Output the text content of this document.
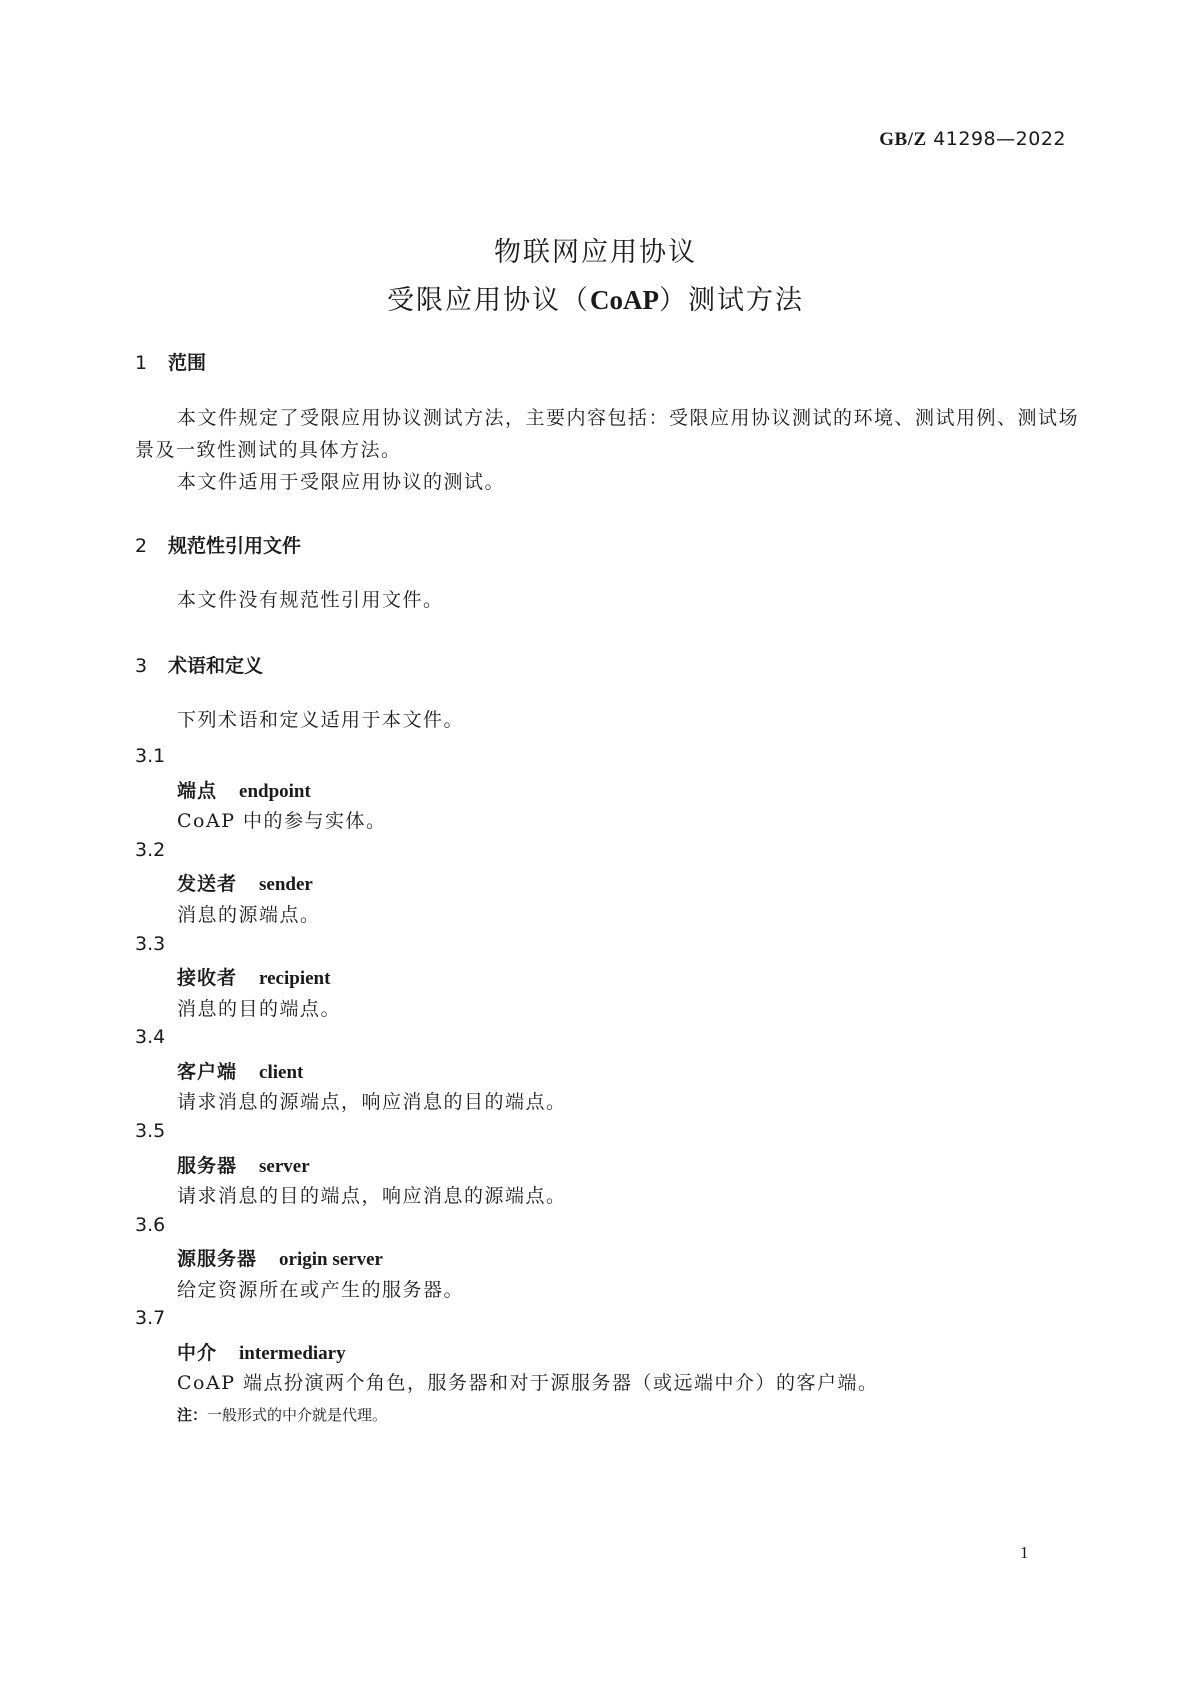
GB/Z 41298—2022
物联网应用协议
受限应用协议（CoAP）测试方法
1 范围
本文件规定了受限应用协议测试方法，主要内容包括：受限应用协议测试的环境、测试用例、测试场
景及一致性测试的具体方法。
本文件适用于受限应用协议的测试。
2 规范性引用文件
本文件没有规范性引用文件。
3 术语和定义
下列术语和定义适用于本文件。
3.1
端点 endpoint
CoAP 中的参与实体。
3.2
发送者 sender
消息的源端点。
3.3
接收者 recipient
消息的目的端点。
3.4
客户端 client
请求消息的源端点，响应消息的目的端点。
3.5
服务器 server
请求消息的目的端点，响应消息的源端点。
3.6
源服务器 origin server
给定资源所在或产生的服务器。
3.7
中介 intermediary
CoAP 端点扮演两个角色，服务器和对于源服务器（或远端中介）的客户端。
注：一般形式的中介就是代理。
1
